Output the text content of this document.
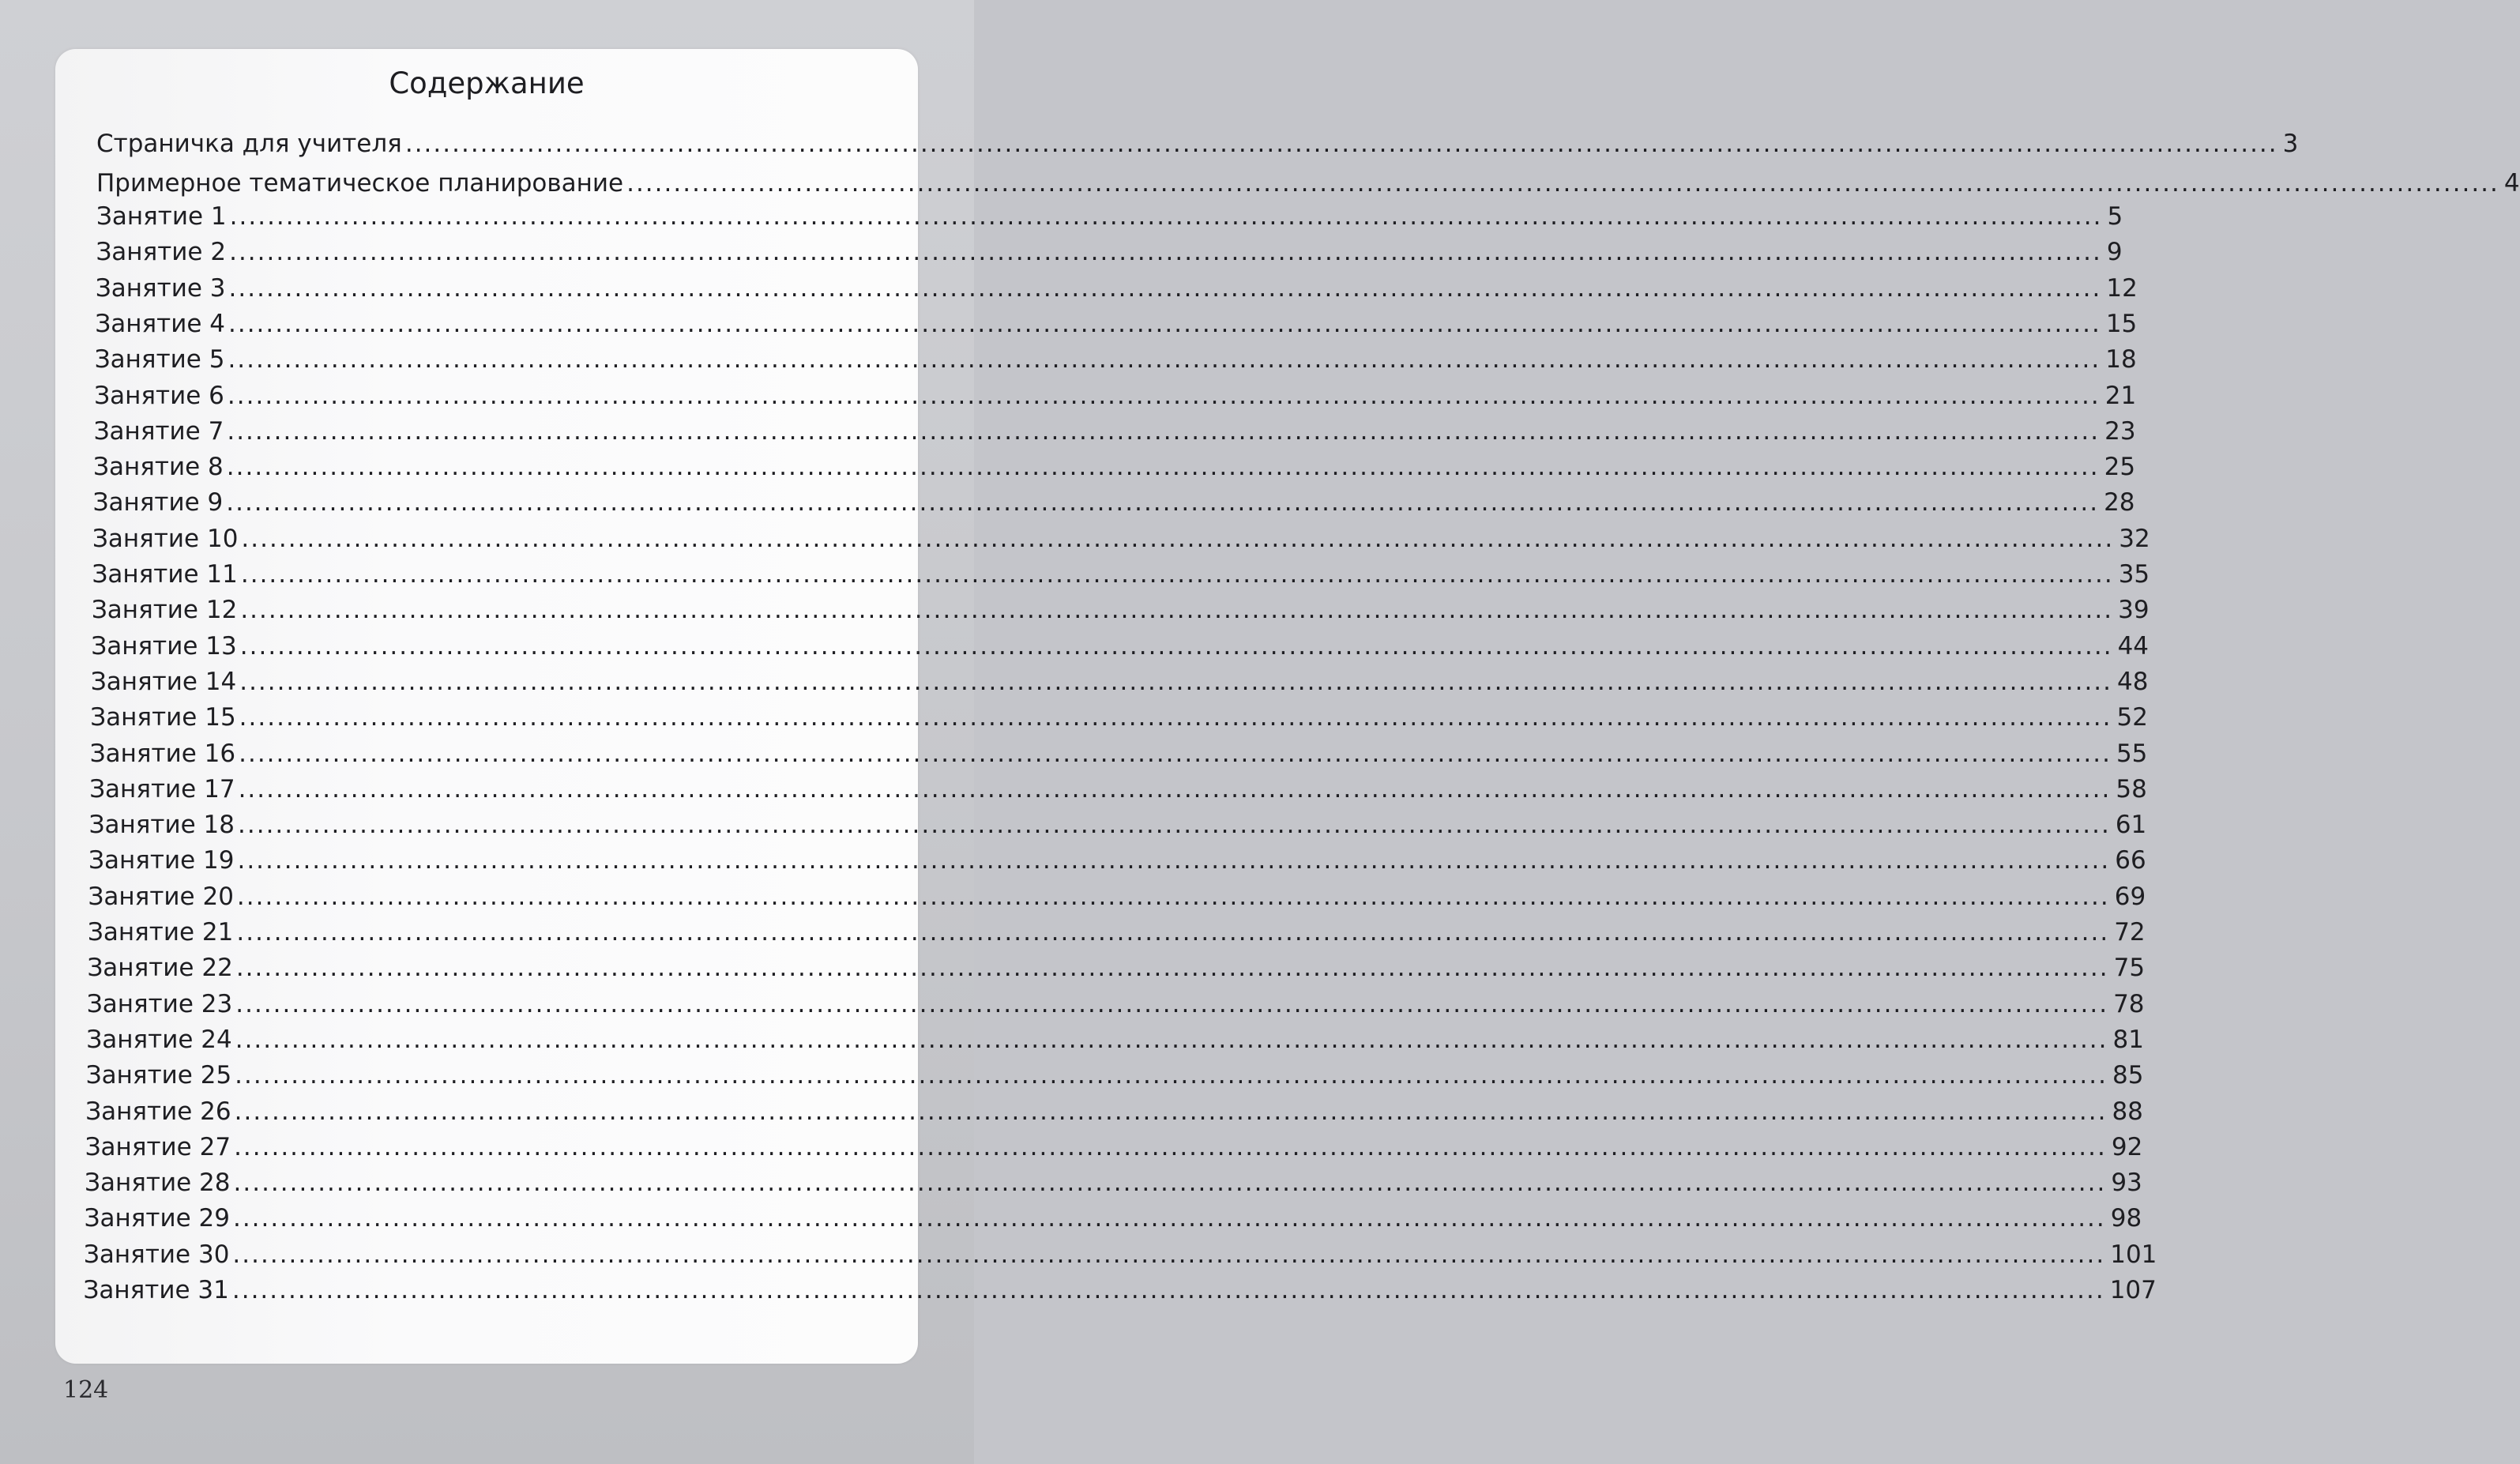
Содержание
Страничка для учителя ........................................................................................................................................................................................................ 3
Примерное тематическое планирование ........................................................................................................................................................................................................ 4
Занятие 1 ........................................................................................................................................................................................................ 5
Занятие 2 ........................................................................................................................................................................................................ 9
Занятие 3 ........................................................................................................................................................................................................ 12
Занятие 4 ........................................................................................................................................................................................................ 15
Занятие 5 ........................................................................................................................................................................................................ 18
Занятие 6 ........................................................................................................................................................................................................ 21
Занятие 7 ........................................................................................................................................................................................................ 23
Занятие 8 ........................................................................................................................................................................................................ 25
Занятие 9 ........................................................................................................................................................................................................ 28
Занятие 10 ........................................................................................................................................................................................................ 32
Занятие 11 ........................................................................................................................................................................................................ 35
Занятие 12 ........................................................................................................................................................................................................ 39
Занятие 13 ........................................................................................................................................................................................................ 44
Занятие 14 ........................................................................................................................................................................................................ 48
Занятие 15 ........................................................................................................................................................................................................ 52
Занятие 16 ........................................................................................................................................................................................................ 55
Занятие 17 ........................................................................................................................................................................................................ 58
Занятие 18 ........................................................................................................................................................................................................ 61
Занятие 19 ........................................................................................................................................................................................................ 66
Занятие 20 ........................................................................................................................................................................................................ 69
Занятие 21 ........................................................................................................................................................................................................ 72
Занятие 22 ........................................................................................................................................................................................................ 75
Занятие 23 ........................................................................................................................................................................................................ 78
Занятие 24 ........................................................................................................................................................................................................ 81
Занятие 25 ........................................................................................................................................................................................................ 85
Занятие 26 ........................................................................................................................................................................................................ 88
Занятие 27 ........................................................................................................................................................................................................ 92
Занятие 28 ........................................................................................................................................................................................................ 93
Занятие 29 ........................................................................................................................................................................................................ 98
Занятие 30 ........................................................................................................................................................................................................ 101
Занятие 31 ........................................................................................................................................................................................................ 107
124
